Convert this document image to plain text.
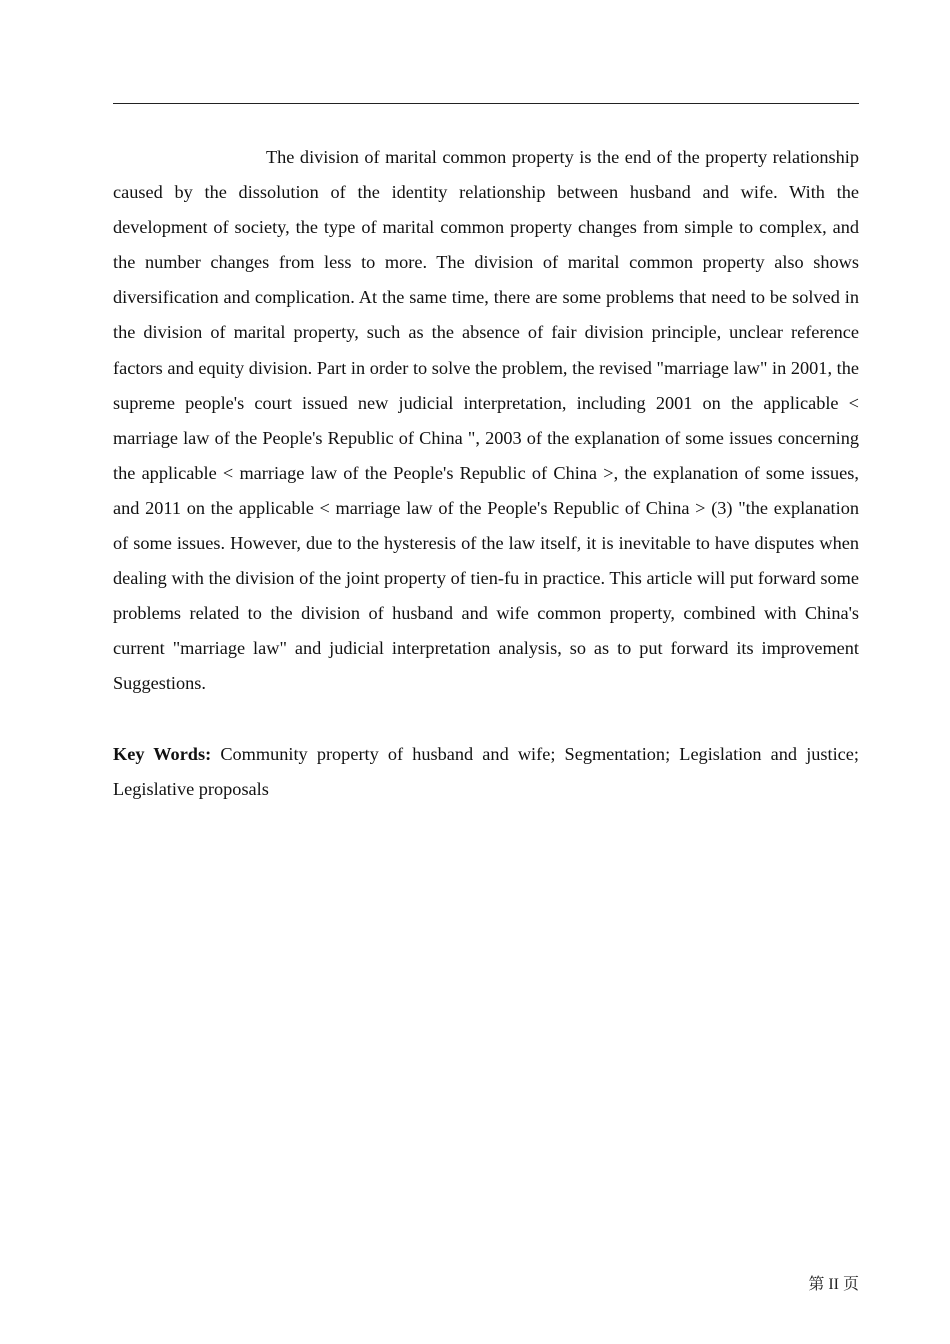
The division of marital common property is the end of the property relationship caused by the dissolution of the identity relationship between husband and wife. With the development of society, the type of marital common property changes from simple to complex, and the number changes from less to more. The division of marital common property also shows diversification and complication. At the same time, there are some problems that need to be solved in the division of marital property, such as the absence of fair division principle, unclear reference factors and equity division. Part in order to solve the problem, the revised "marriage law" in 2001, the supreme people's court issued new judicial interpretation, including 2001 on the applicable < marriage law of the People's Republic of China ", 2003 of the explanation of some issues concerning the applicable < marriage law of the People's Republic of China >, the explanation of some issues, and 2011 on the applicable < marriage law of the People's Republic of China > (3) "the explanation of some issues. However, due to the hysteresis of the law itself, it is inevitable to have disputes when dealing with the division of the joint property of tien-fu in practice. This article will put forward some problems related to the division of husband and wife common property, combined with China's current "marriage law" and judicial interpretation analysis, so as to put forward its improvement Suggestions.

Key Words: Community property of husband and wife; Segmentation; Legislation and justice; Legislative proposals

第 II 页
